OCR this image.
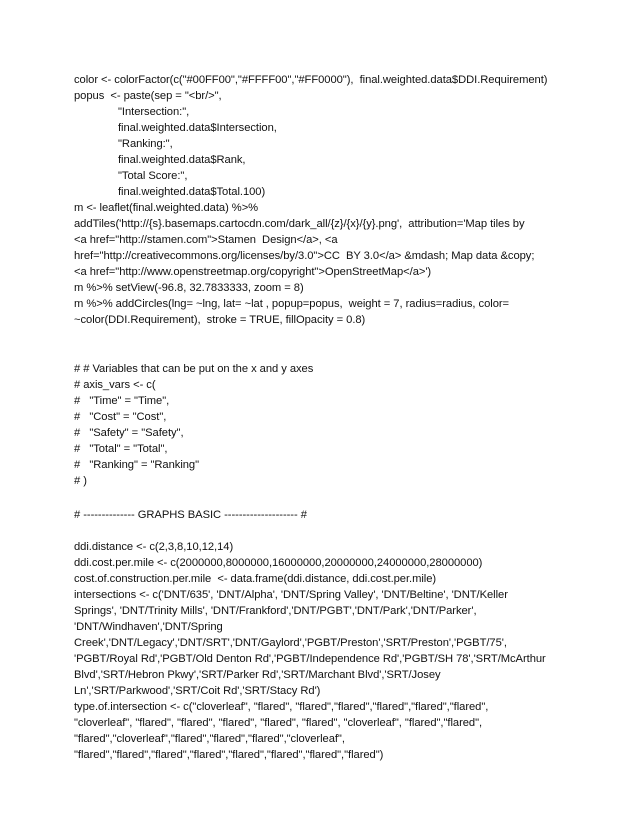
color <- colorFactor(c("#00FF00","#FFFF00","#FF0000"),  final.weighted.data$DDI.Requirement)
popus  <- paste(sep = "<br/>",
"Intersection:",
final.weighted.data$Intersection,
"Ranking:",
final.weighted.data$Rank,
"Total Score:",
final.weighted.data$Total.100)
m <- leaflet(final.weighted.data) %>%
addTiles('http://{s}.basemaps.cartocdn.com/dark_all/{z}/{x}/{y}.png',  attribution='Map tiles by
<a href="http://stamen.com">Stamen  Design</a>, <a
href="http://creativecommons.org/licenses/by/3.0">CC  BY 3.0</a> &mdash; Map data &copy;
<a href="http://www.openstreetmap.org/copyright">OpenStreetMap</a>')
m %>% setView(-96.8, 32.7833333, zoom = 8)
m %>% addCircles(lng= ~lng, lat= ~lat , popup=popus,  weight = 7, radius=radius, color=
~color(DDI.Requirement),  stroke = TRUE, fillOpacity = 0.8)
# # Variables that can be put on the x and y axes
# axis_vars <- c(
#   "Time" = "Time",
#   "Cost" = "Cost",
#   "Safety" = "Safety",
#   "Total" = "Total",
#   "Ranking" = "Ranking"
# )
# -------------- GRAPHS BASIC -------------------- #
ddi.distance <- c(2,3,8,10,12,14)
ddi.cost.per.mile <- c(2000000,8000000,16000000,20000000,24000000,28000000)
cost.of.construction.per.mile  <- data.frame(ddi.distance, ddi.cost.per.mile)
intersections <- c('DNT/635', 'DNT/Alpha', 'DNT/Spring Valley', 'DNT/Beltine', 'DNT/Keller
Springs', 'DNT/Trinity Mills', 'DNT/Frankford','DNT/PGBT','DNT/Park','DNT/Parker',
'DNT/Windhaven','DNT/Spring
Creek','DNT/Legacy','DNT/SRT','DNT/Gaylord','PGBT/Preston','SRT/Preston','PGBT/75',
'PGBT/Royal Rd','PGBT/Old Denton Rd','PGBT/Independence Rd','PGBT/SH 78','SRT/McArthur
Blvd','SRT/Hebron Pkwy','SRT/Parker Rd','SRT/Marchant Blvd','SRT/Josey
Ln','SRT/Parkwood','SRT/Coit Rd','SRT/Stacy Rd')
type.of.intersection <- c("cloverleaf", "flared", "flared","flared","flared","flared","flared",
"cloverleaf", "flared", "flared", "flared", "flared", "flared", "cloverleaf", "flared","flared",
"flared","cloverleaf","flared","flared","flared","cloverleaf",
"flared","flared","flared","flared","flared","flared","flared","flared")
